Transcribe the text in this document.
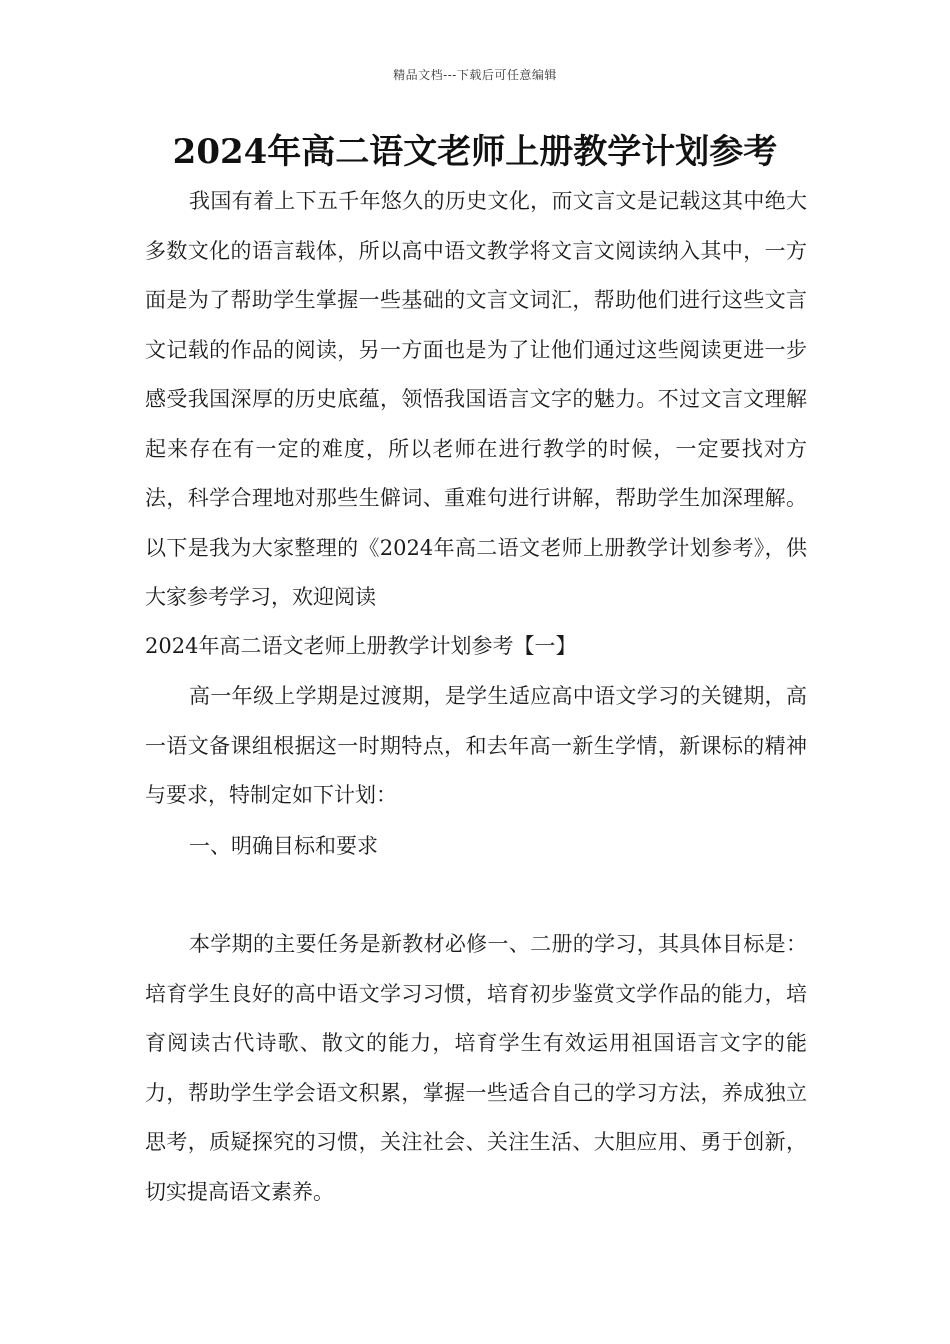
精品文档---下载后可任意编辑
2024年高二语文老师上册教学计划参考

我国有着上下五千年悠久的历史文化，而文言文是记载这其中绝大多数文化的语言载体，所以高中语文教学将文言文阅读纳入其中，一方面是为了帮助学生掌握一些基础的文言文词汇，帮助他们进行这些文言文记载的作品的阅读，另一方面也是为了让他们通过这些阅读更进一步感受我国深厚的历史底蕴，领悟我国语言文字的魅力。不过文言文理解起来存在有一定的难度，所以老师在进行教学的时候，一定要找对方法，科学合理地对那些生僻词、重难句进行讲解，帮助学生加深理解。以下是我为大家整理的《2024年高二语文老师上册教学计划参考》，供大家参考学习，欢迎阅读

2024年高二语文老师上册教学计划参考【一】

高一年级上学期是过渡期，是学生适应高中语文学习的关键期，高一语文备课组根据这一时期特点，和去年高一新生学情，新课标的精神与要求，特制定如下计划：

一、明确目标和要求

本学期的主要任务是新教材必修一、二册的学习，其具体目标是：培育学生良好的高中语文学习习惯，培育初步鉴赏文学作品的能力，培育阅读古代诗歌、散文的能力，培育学生有效运用祖国语言文字的能力，帮助学生学会语文积累，掌握一些适合自己的学习方法，养成独立思考，质疑探究的习惯，关注社会、关注生活、大胆应用、勇于创新，切实提高语文素养。
